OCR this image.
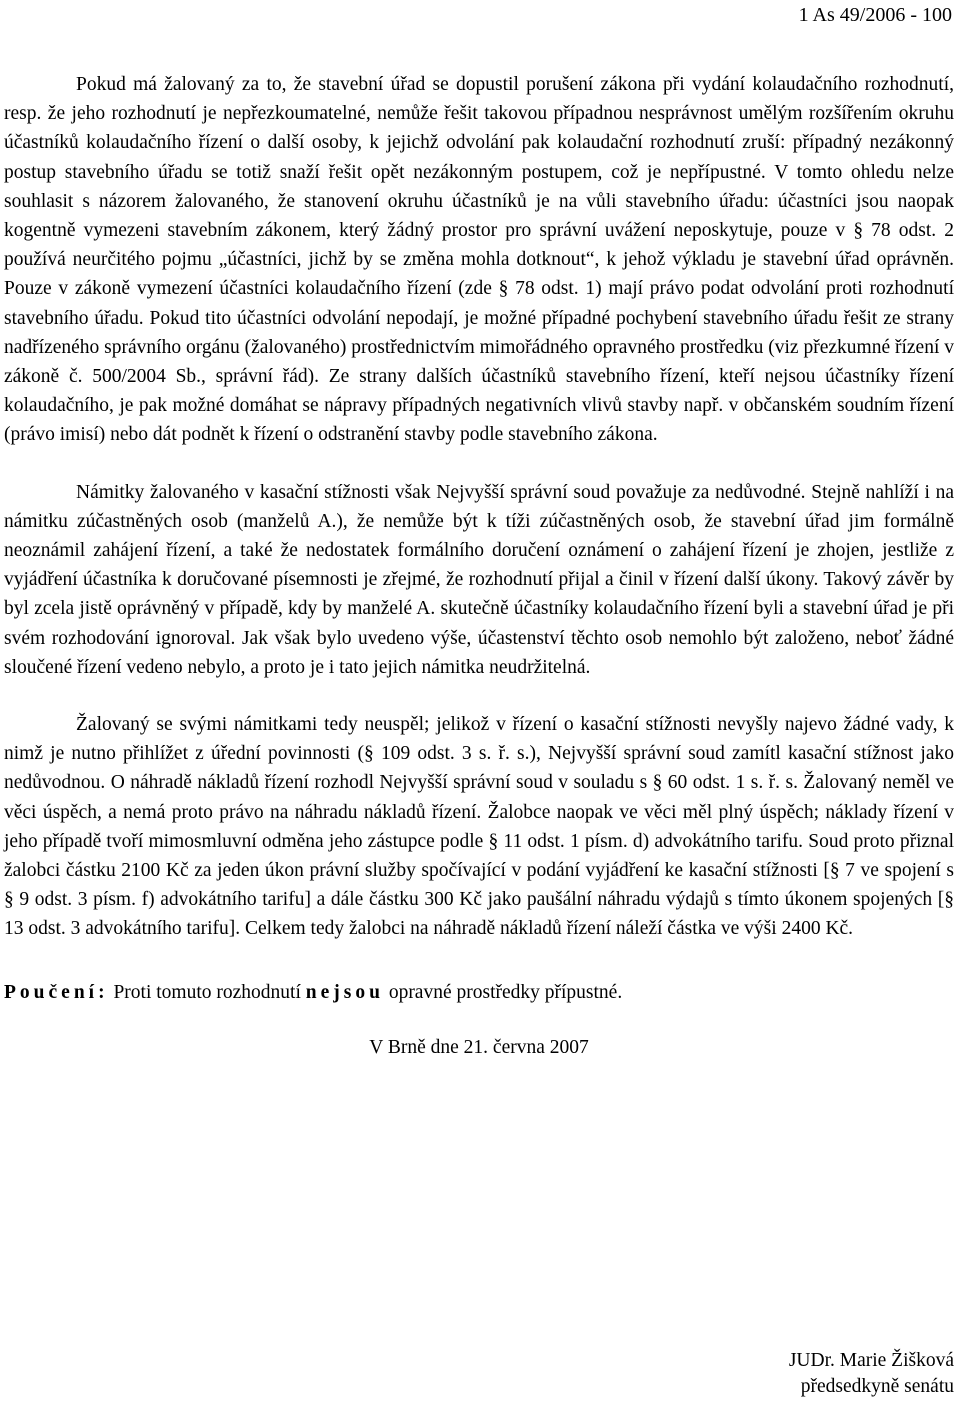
1 As 49/2006 - 100

Pokud má žalovaný za to, že stavební úřad se dopustil porušení zákona při vydání kolaudačního rozhodnutí, resp. že jeho rozhodnutí je nepřezkoumatelné, nemůže řešit takovou případnou nesprávnost umělým rozšířením okruhu účastníků kolaudačního řízení o další osoby, k jejichž odvolání pak kolaudační rozhodnutí zruší: případný nezákonný postup stavebního úřadu se totiž snaží řešit opět nezákonným postupem, což je nepřípustné. V tomto ohledu nelze souhlasit s názorem žalovaného, že stanovení okruhu účastníků je na vůli stavebního úřadu: účastníci jsou naopak kogentně vymezeni stavebním zákonem, který žádný prostor pro správní uvážení neposkytuje, pouze v § 78 odst. 2 používá neurčitého pojmu „účastníci, jichž by se změna mohla dotknout“, k jehož výkladu je stavební úřad oprávněn. Pouze v zákoně vymezení účastníci kolaudačního řízení (zde § 78 odst. 1) mají právo podat odvolání proti rozhodnutí stavebního úřadu. Pokud tito účastníci odvolání nepodají, je možné případné pochybení stavebního úřadu řešit ze strany nadřízeného správního orgánu (žalovaného) prostřednictvím mimořádného opravného prostředku (viz přezkumné řízení v zákoně č. 500/2004 Sb., správní řád). Ze strany dalších účastníků stavebního řízení, kteří nejsou účastníky řízení kolaudačního, je pak možné domáhat se nápravy případných negativních vlivů stavby např. v občanském soudním řízení (právo imisí) nebo dát podnět k řízení o odstranění stavby podle stavebního zákona.

Námitky žalovaného v kasační stížnosti však Nejvyšší správní soud považuje za nedůvodné. Stejně nahlíží i na námitku zúčastněných osob (manželů A.), že nemůže být k tíži zúčastněných osob, že stavební úřad jim formálně neoznámil zahájení řízení, a také že nedostatek formálního doručení oznámení o zahájení řízení je zhojen, jestliže z vyjádření účastníka k doručované písemnosti je zřejmé, že rozhodnutí přijal a činil v řízení další úkony. Takový závěr by byl zcela jistě oprávněný v případě, kdy by manželé A. skutečně účastníky kolaudačního řízení byli a stavební úřad je při svém rozhodování ignoroval. Jak však bylo uvedeno výše, účastenství těchto osob nemohlo být založeno, neboť žádné sloučené řízení vedeno nebylo, a proto je i tato jejich námitka neudržitelná.

Žalovaný se svými námitkami tedy neuspěl; jelikož v řízení o kasační stížnosti nevyšly najevo žádné vady, k nimž je nutno přihlížet z úřední povinnosti (§ 109 odst. 3 s. ř. s.), Nejvyšší správní soud zamítl kasační stížnost jako nedůvodnou. O náhradě nákladů řízení rozhodl Nejvyšší správní soud v souladu s § 60 odst. 1 s. ř. s. Žalovaný neměl ve věci úspěch, a nemá proto právo na náhradu nákladů řízení. Žalobce naopak ve věci měl plný úspěch; náklady řízení v jeho případě tvoří mimosmluvní odměna jeho zástupce podle § 11 odst. 1 písm. d) advokátního tarifu. Soud proto přiznal žalobci částku 2100 Kč za jeden úkon právní služby spočívající v podání vyjádření ke kasační stížnosti [§ 7 ve spojení s § 9 odst. 3 písm. f) advokátního tarifu] a dále částku 300 Kč jako paušální náhradu výdajů s tímto úkonem spojených [§ 13 odst. 3 advokátního tarifu]. Celkem tedy žalobci na náhradě nákladů řízení náleží částka ve výši 2400 Kč.

Poučení: Proti tomuto rozhodnutí nejsou opravné prostředky přípustné.

V Brně dne 21. června 2007
JUDr. Marie Žišková
předsedkyně senátu
